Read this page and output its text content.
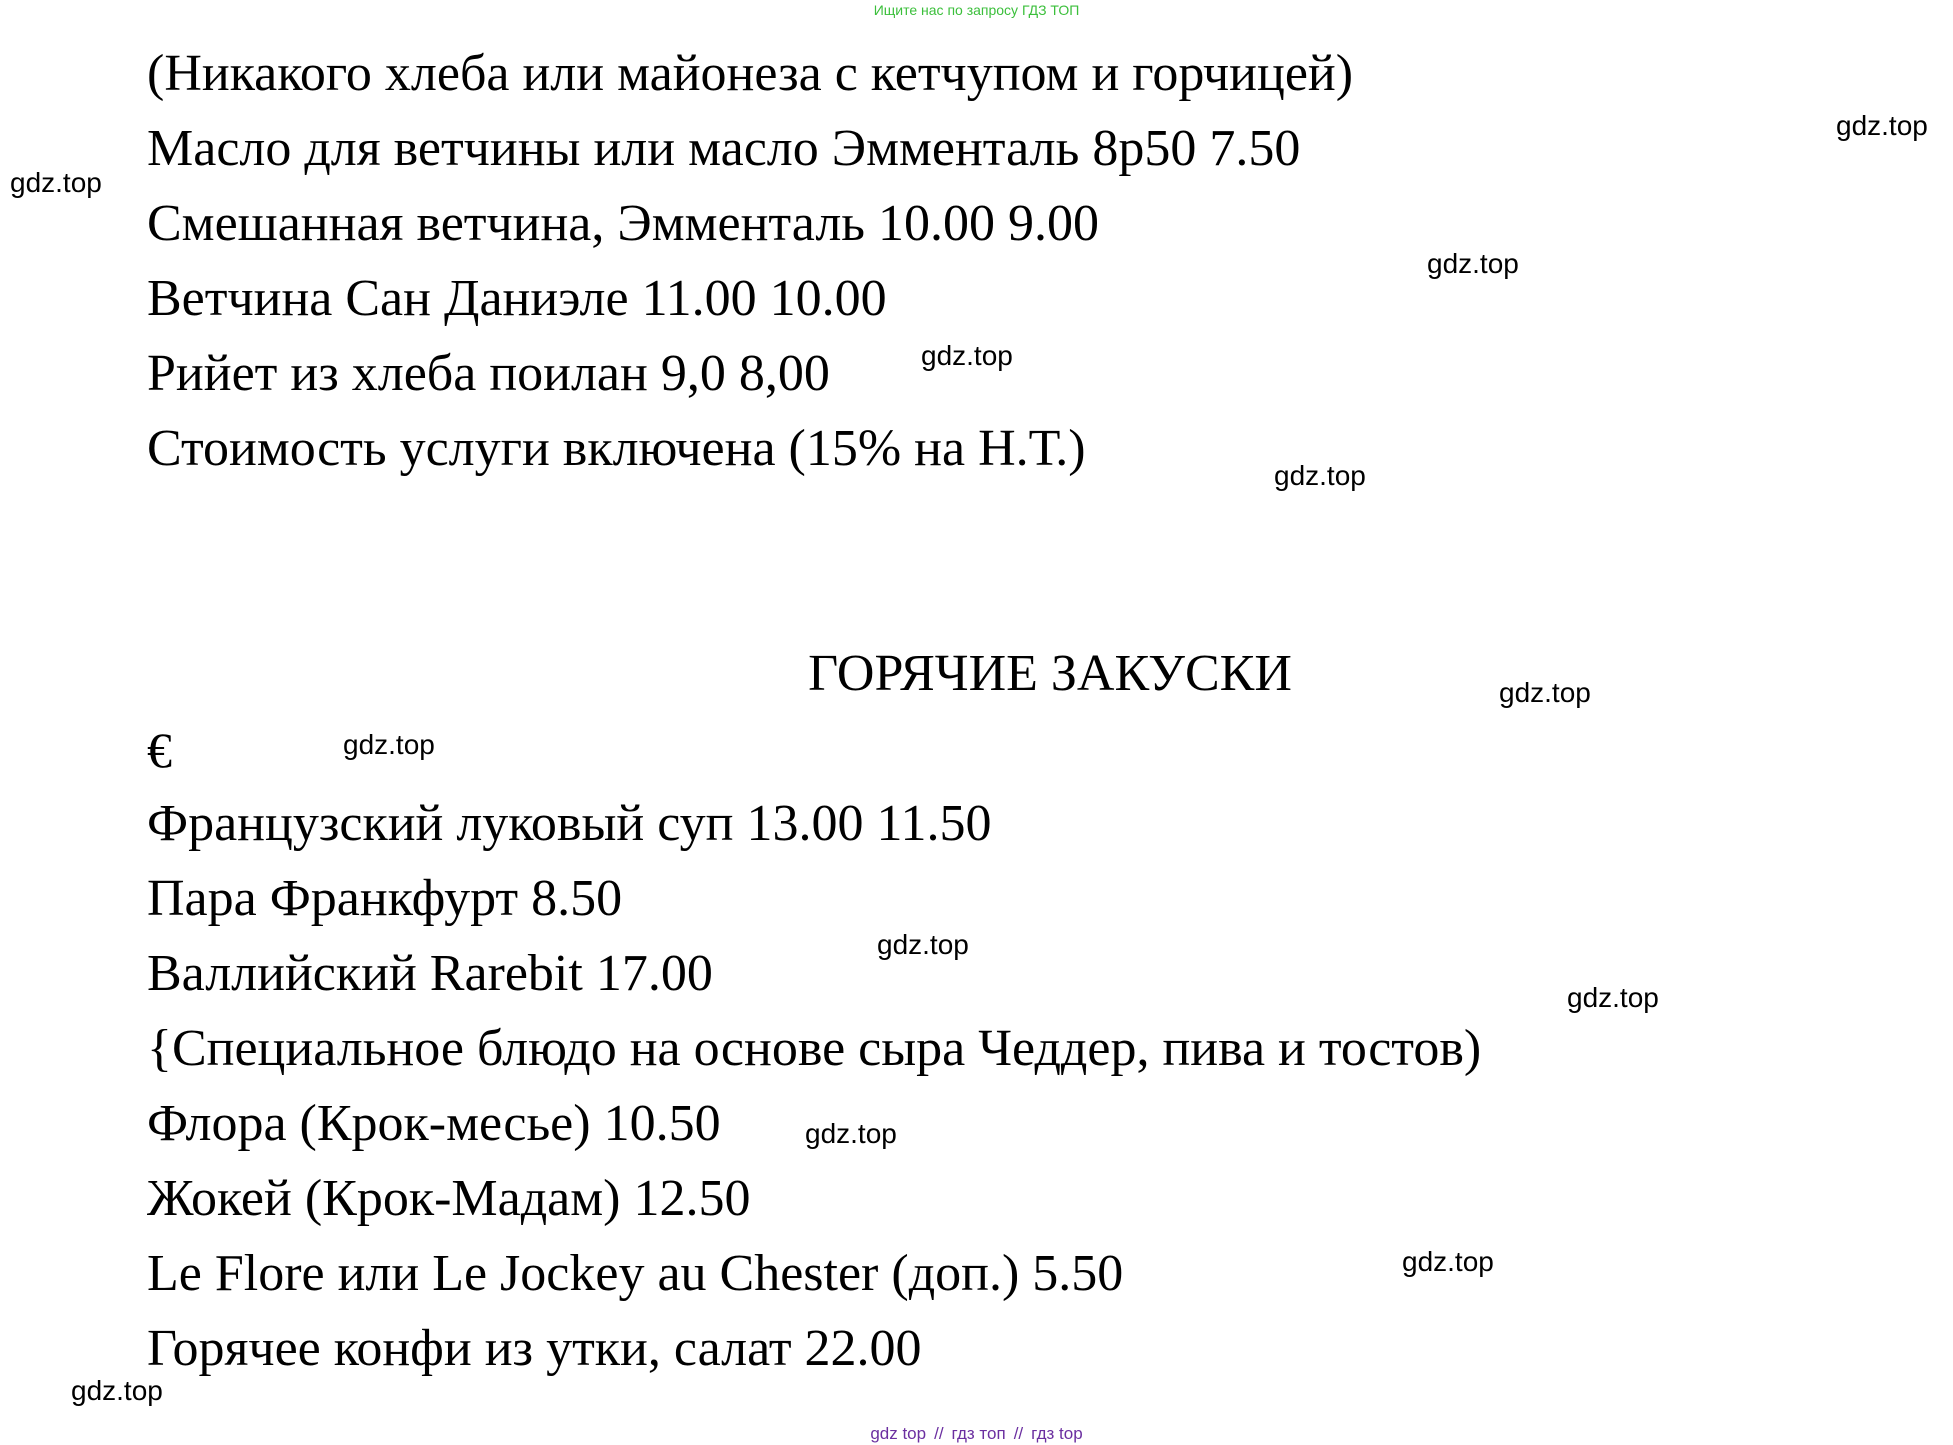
Ищите нас по запросу ГДЗ ТОП
(Никакого хлеба или майонеза с кетчупом и горчицей)
Масло для ветчины или масло Эмменталь 8р50 7.50
Смешанная ветчина, Эмменталь 10.00 9.00
Ветчина Сан Даниэле 11.00 10.00
Рийет из хлеба поилан 9,0 8,00
Стоимость услуги включена (15% на Н.Т.)
ГОРЯЧИЕ ЗАКУСКИ
€
Французский луковый суп 13.00 11.50
Пара Франкфурт 8.50
Валлийский Rarebit 17.00
{Специальное блюдо на основе сыра Чеддер, пива и тостов)
Флора (Крок-месье) 10.50
Жокей (Крок-Мадам) 12.50
Le Flore или Le Jockey au Chester (доп.) 5.50
Горячее конфи из утки, салат 22.00
gdz.top
gdz.top
gdz.top
gdz.top
gdz.top
gdz.top
gdz.top
gdz.top
gdz.top
gdz.top
gdz.top
gdz.top
gdz top // гдз топ // гдз top
